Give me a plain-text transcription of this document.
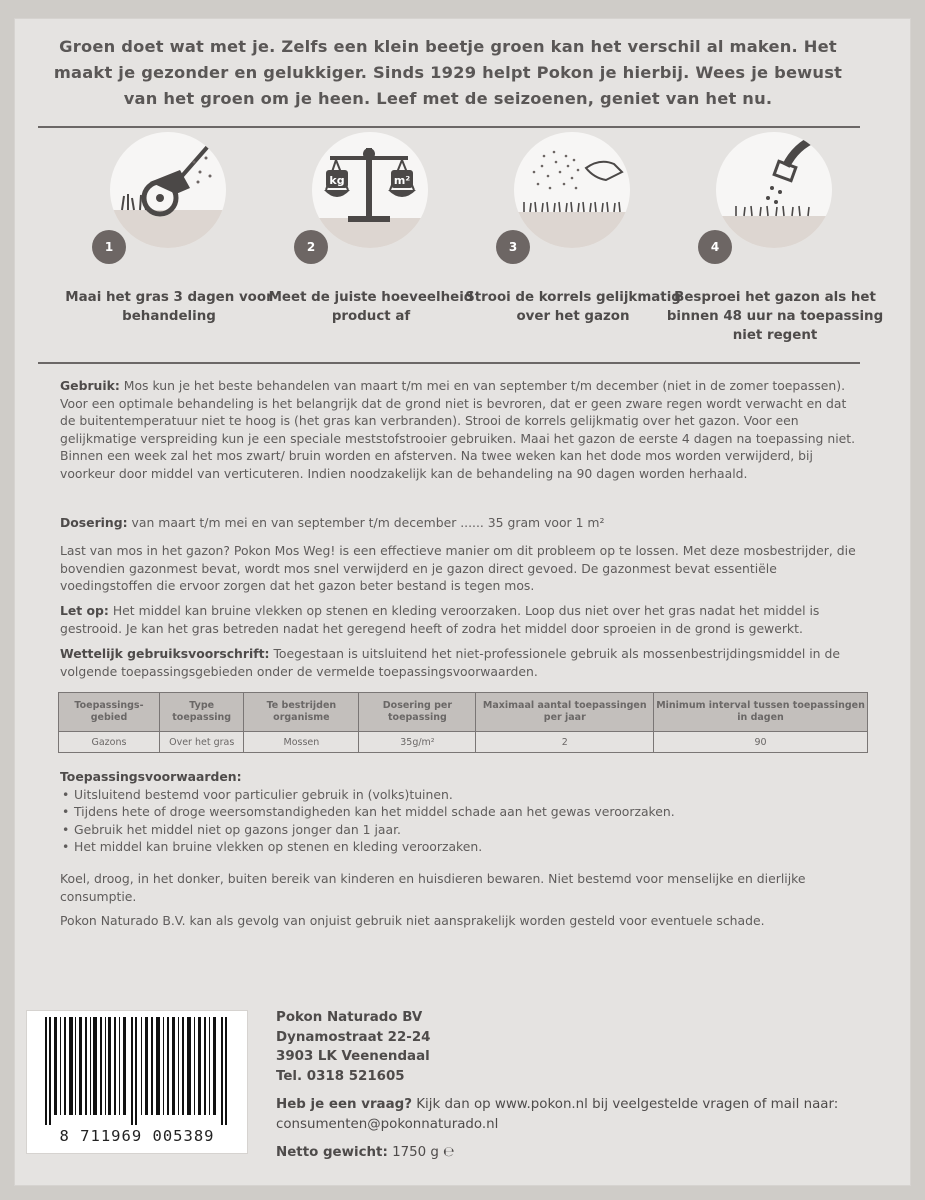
Groen doet wat met je. Zelfs een klein beetje groen kan het verschil al maken. Het maakt je gezonder en gelukkiger. Sinds 1929 helpt Pokon je hierbij. Wees je bewust van het groen om je heen. Leef met de seizoenen, geniet van het nu.
1
Maai het gras 3 dagen voor behandeling
kg	m²
2
Meet de juiste hoeveelheid product af
3
Strooi de korrels gelijkmatig over het gazon
4
Besproei het gazon als het binnen 48 uur na toepassing niet regent
Gebruik: Mos kun je het beste behandelen van maart t/m mei en van september t/m december (niet in de zomer toepassen). Voor een optimale behandeling is het belangrijk dat de grond niet is bevroren, dat er geen zware regen wordt verwacht en dat de buitentemperatuur niet te hoog is (het gras kan verbranden). Strooi de korrels gelijkmatig over het gazon. Voor een gelijkmatige verspreiding kun je een speciale meststofstrooier gebruiken. Maai het gazon de eerste 4 dagen na toepassing niet. Binnen een week zal het mos zwart/ bruin worden en afsterven. Na twee weken kan het dode mos worden verwijderd, bij voorkeur door middel van verticuteren. Indien noodzakelijk kan de behandeling na 90 dagen worden herhaald.
Dosering: van maart t/m mei en van september t/m december ...... 35 gram voor 1 m²
Last van mos in het gazon? Pokon Mos Weg! is een effectieve manier om dit probleem op te lossen. Met deze mosbestrijder, die bovendien gazonmest bevat, wordt mos snel verwijderd en je gazon direct gevoed. De gazonmest bevat essentiële voedingstoffen die ervoor zorgen dat het gazon beter bestand is tegen mos.
Let op: Het middel kan bruine vlekken op stenen en kleding veroorzaken. Loop dus niet over het gras nadat het middel is gestrooid. Je kan het gras betreden nadat het geregend heeft of zodra het middel door sproeien in de grond is gewerkt.
Wettelijk gebruiksvoorschrift: Toegestaan is uitsluitend het niet-professionele gebruik als mossenbestrijdingsmiddel in de volgende toepassingsgebieden onder de vermelde toepassingsvoorwaarden.
Toepassings-gebied	Type toepassing	Te bestrijden organisme	Dosering per toepassing	Maximaal aantal toepassingen per jaar	Minimum interval tussen toepassingen in dagen
Gazons	Over het gras	Mossen	35g/m²	2	90
Toepassingsvoorwaarden:
• Uitsluitend bestemd voor particulier gebruik in (volks)tuinen.
• Tijdens hete of droge weersomstandigheden kan het middel schade aan het gewas veroorzaken.
• Gebruik het middel niet op gazons jonger dan 1 jaar.
• Het middel kan bruine vlekken op stenen en kleding veroorzaken.
Koel, droog, in het donker, buiten bereik van kinderen en huisdieren bewaren. Niet bestemd voor menselijke en dierlijke consumptie.
Pokon Naturado B.V. kan als gevolg van onjuist gebruik niet aansprakelijk worden gesteld voor eventuele schade.
8 711969 005389
Pokon Naturado BV
Dynamostraat 22-24
3903 LK Veenendaal
Tel. 0318 521605
Heb je een vraag? Kijk dan op www.pokon.nl bij veelgestelde vragen of mail naar: consumenten@pokonnaturado.nl
Netto gewicht: 1750 g ℮
